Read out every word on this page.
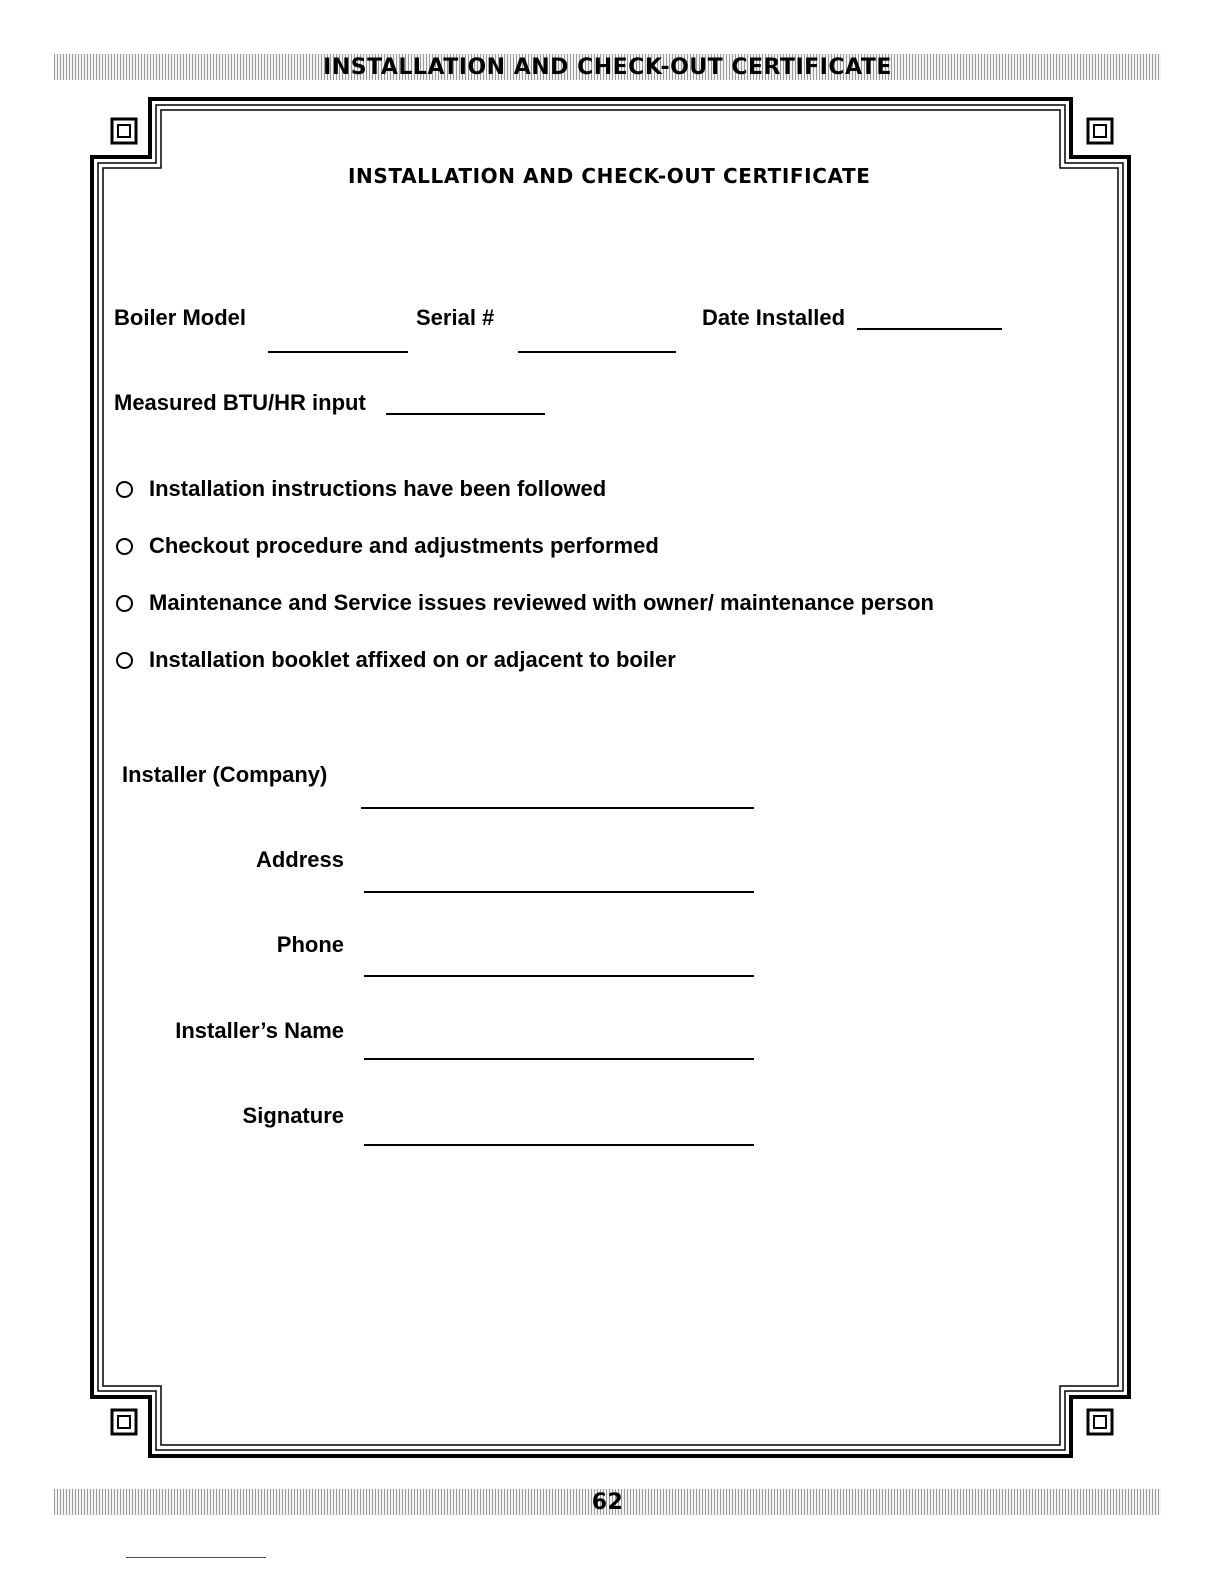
INSTALLATION AND CHECK-OUT CERTIFICATE
INSTALLATION AND CHECK-OUT CERTIFICATE
Boiler Model	Serial #	Date Installed
Measured BTU/HR input
Installation instructions have been followed
Checkout procedure and adjustments performed
Maintenance and Service issues reviewed with owner/ maintenance person
Installation booklet affixed on or adjacent to boiler
Installer (Company)
Address
Phone
Installer’s Name
Signature
62
